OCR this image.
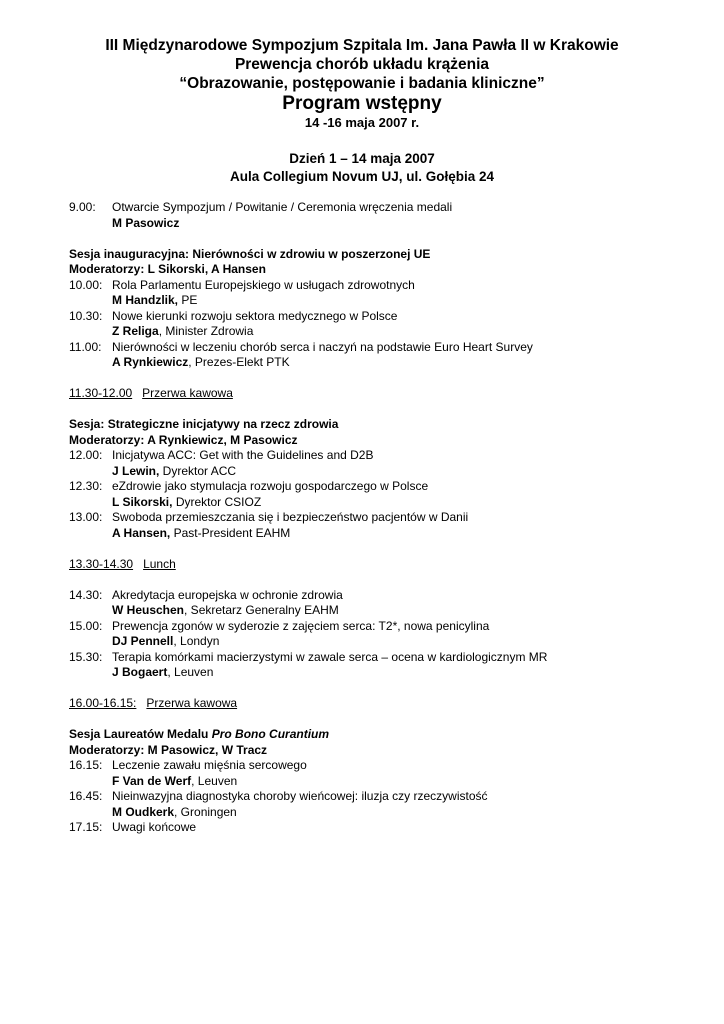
III Międzynarodowe Sympozjum Szpitala Im. Jana Pawła II w Krakowie
Prewencja chorób układu krążenia
“Obrazowanie, postępowanie i badania kliniczne”
Program wstępny
14 -16 maja 2007 r.
Dzień 1 – 14 maja 2007
Aula Collegium Novum UJ, ul. Gołębia 24
9.00:	Otwarcie Sympozjum / Powitanie / Ceremonia wręczenia medali
M Pasowicz
Sesja inauguracyjna: Nierówności w zdrowiu w poszerzonej UE
Moderatorzy: L Sikorski, A Hansen
10.00: Rola Parlamentu Europejskiego w usługach zdrowotnych
M Handzlik, PE
10.30: Nowe kierunki rozwoju sektora medycznego w Polsce
Z Religa, Minister Zdrowia
11.00: Nierówności w leczeniu chorób serca i naczyń na podstawie Euro Heart Survey
A Rynkiewicz, Prezes-Elekt PTK
11.30-12.00 Przerwa kawowa
Sesja: Strategiczne inicjatywy na rzecz zdrowia
Moderatorzy: A Rynkiewicz, M Pasowicz
12.00: Inicjatywa ACC: Get with the Guidelines and D2B
J Lewin, Dyrektor ACC
12.30: eZdrowie jako stymulacja rozwoju gospodarczego w Polsce
L Sikorski, Dyrektor CSIOZ
13.00: Swoboda przemieszczania się i bezpieczeństwo pacjentów w Danii
A Hansen, Past-President EAHM
13.30-14.30 Lunch
14.30: Akredytacja europejska w ochronie zdrowia
W Heuschen, Sekretarz Generalny EAHM
15.00: Prewencja zgonów w syderozie z zajęciem serca: T2*, nowa penicylina
DJ Pennell, Londyn
15.30: Terapia komórkami macierzystymi w zawale serca – ocena w kardiologicznym MR
J Bogaert, Leuven
16.00-16.15: Przerwa kawowa
Sesja Laureatów Medalu Pro Bono Curantium
Moderatorzy: M Pasowicz, W Tracz
16.15: Leczenie zawału mięśnia sercowego
F Van de Werf, Leuven
16.45: Nieinwazyjna diagnostyka choroby wieńcowej: iluzja czy rzeczywistość
M Oudkerk, Groningen
17.15: Uwagi końcowe
